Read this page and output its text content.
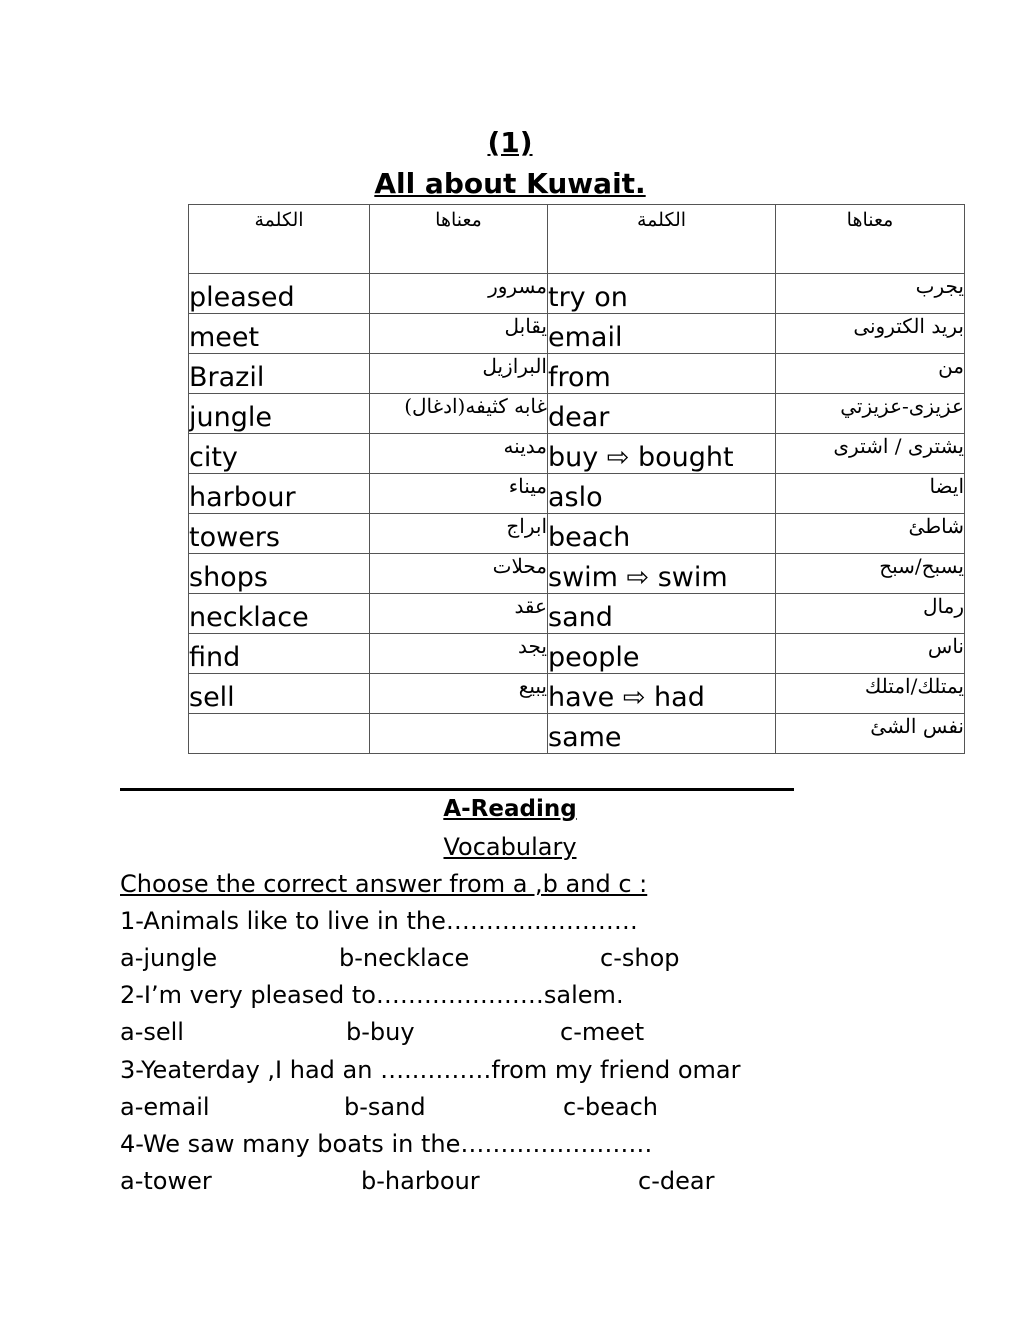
(1)
All about Kuwait.
الكلمة	معناها	الكلمة	معناها
pleased	مسرور	try on	يجرب
meet	يقابل	email	بريد الكترونى
Brazil	البرازيل	from	من
jungle	غابه كثيفه(ادغال)	dear	عزيزى-عزيزتي
city	مدينه	buy ⇨ bought	يشترى / اشترى
harbour	ميناء	aslo	ايضا
towers	ابراج	beach	شاطئ
shops	محلات	swim ⇨ swim	يسبح/سبح
necklace	عقد	sand	رمال
find	يجد	people	ناس
sell	يبيع	have ⇨ had	يمتلك/امتلك
		same	نفس الشئ
A-Reading
Vocabulary
Choose the correct answer from a ,b and c :
1-Animals like to live in the……………………
a-jungle	b-necklace	c-shop
2-I’m very pleased to…………………salem.
a-sell	b-buy	c-meet
3-Yeaterday ,I had an …..………from my friend omar
a-email	b-sand	c-beach
4-We saw many boats in the……………………
a-tower	b-harbour	c-dear
